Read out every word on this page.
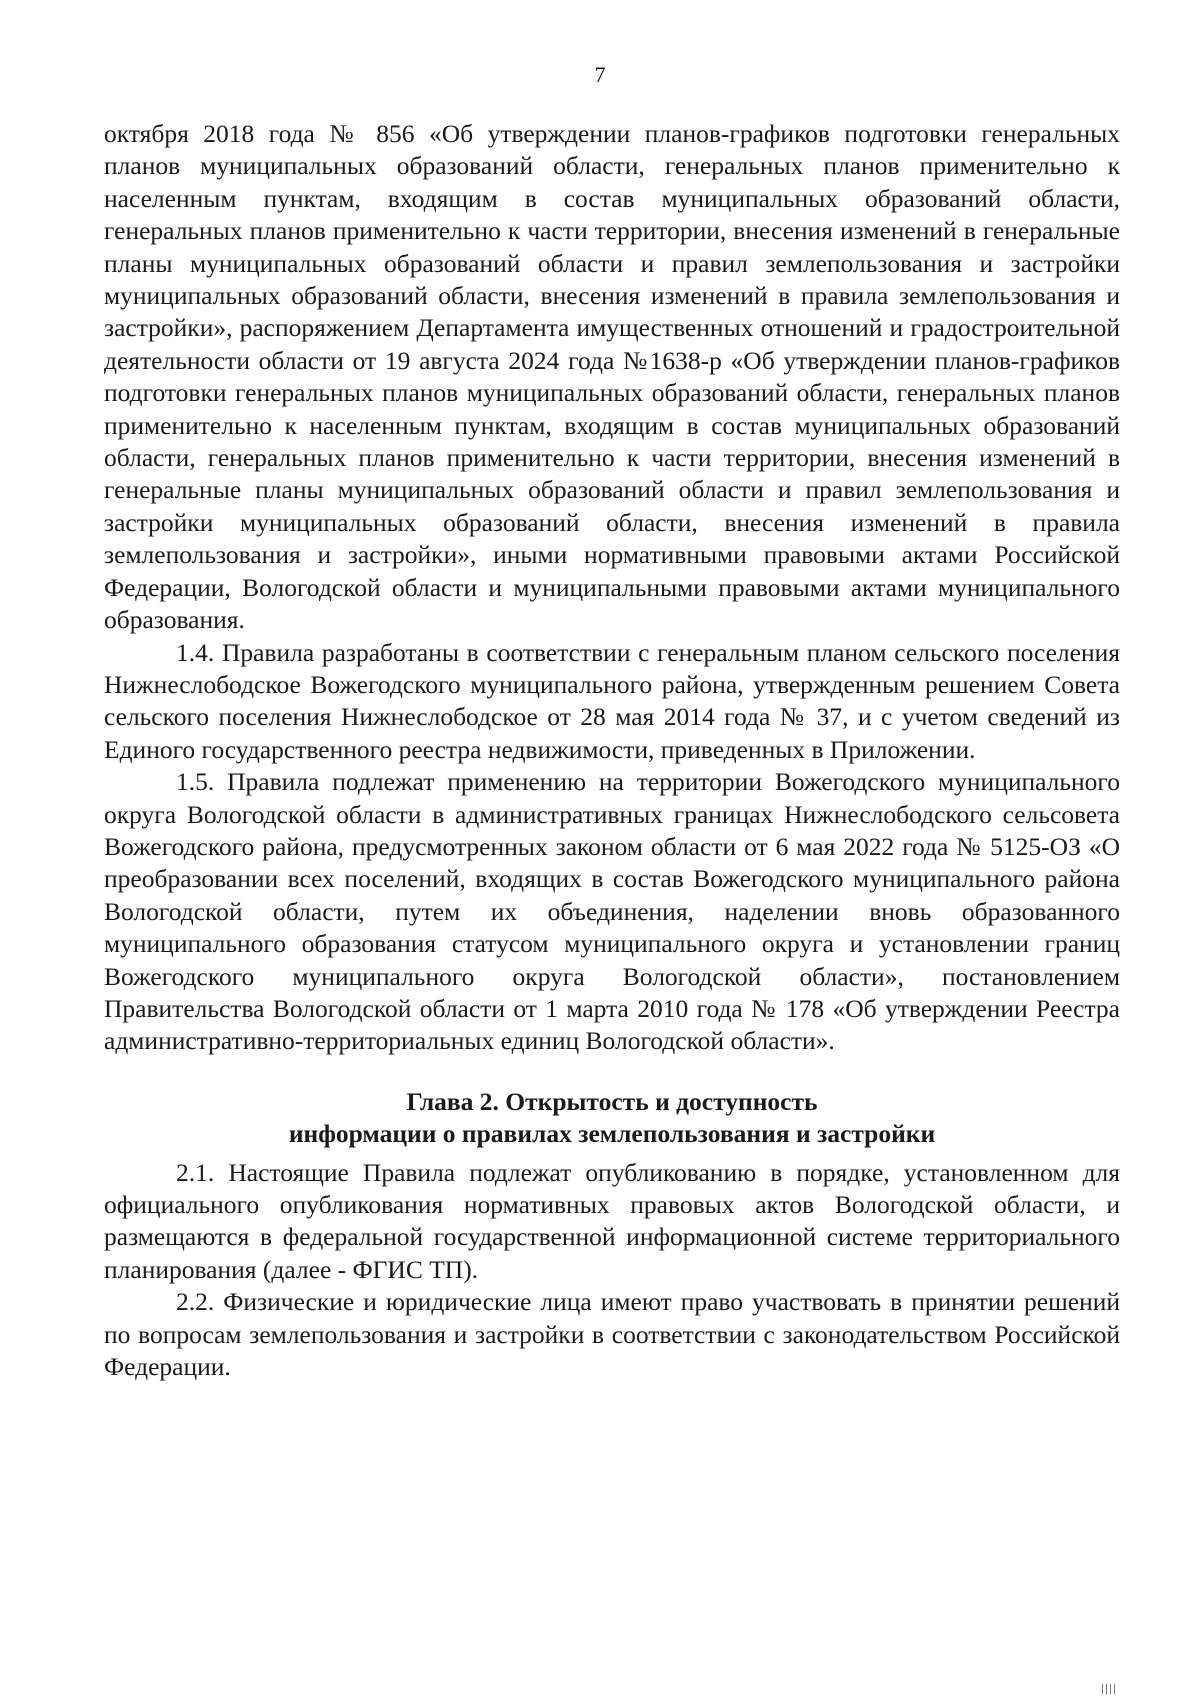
7

октября 2018 года № 856 «Об утверждении планов-графиков подготовки генеральных планов муниципальных образований области, генеральных планов применительно к населенным пунктам, входящим в состав муниципальных образований области, генеральных планов применительно к части территории, внесения изменений в генеральные планы муниципальных образований области и правил землепользования и застройки муниципальных образований области, внесения изменений в правила землепользования и застройки», распоряжением Департамента имущественных отношений и градостроительной деятельности области от 19 августа 2024 года №1638-р «Об утверждении планов-графиков подготовки генеральных планов муниципальных образований области, генеральных планов применительно к населенным пунктам, входящим в состав муниципальных образований области, генеральных планов применительно к части территории, внесения изменений в генеральные планы муниципальных образований области и правил землепользования и застройки муниципальных образований области, внесения изменений в правила землепользования и застройки», иными нормативными правовыми актами Российской Федерации, Вологодской области и муниципальными правовыми актами муниципального образования.

1.4. Правила разработаны в соответствии с генеральным планом сельского поселения Нижнеслободское Вожегодского муниципального района, утвержденным решением Совета сельского поселения Нижнеслободское от 28 мая 2014 года № 37, и с учетом сведений из Единого государственного реестра недвижимости, приведенных в Приложении.

1.5. Правила подлежат применению на территории Вожегодского муниципального округа Вологодской области в административных границах Нижнеслободского сельсовета Вожегодского района, предусмотренных законом области от 6 мая 2022 года № 5125-ОЗ «О преобразовании всех поселений, входящих в состав Вожегодского муниципального района Вологодской области, путем их объединения, наделении вновь образованного муниципального образования статусом муниципального округа и установлении границ Вожегодского муниципального округа Вологодской области», постановлением Правительства Вологодской области от 1 марта 2010 года № 178 «Об утверждении Реестра административно-территориальных единиц Вологодской области».

Глава 2. Открытость и доступность
информации о правилах землепользования и застройки

2.1. Настоящие Правила подлежат опубликованию в порядке, установленном для официального опубликования нормативных правовых актов Вологодской области, и размещаются в федеральной государственной информационной системе территориального планирования (далее - ФГИС ТП).

2.2. Физические и юридические лица имеют право участвовать в принятии решений по вопросам землепользования и застройки в соответствии с законодательством Российской Федерации.
